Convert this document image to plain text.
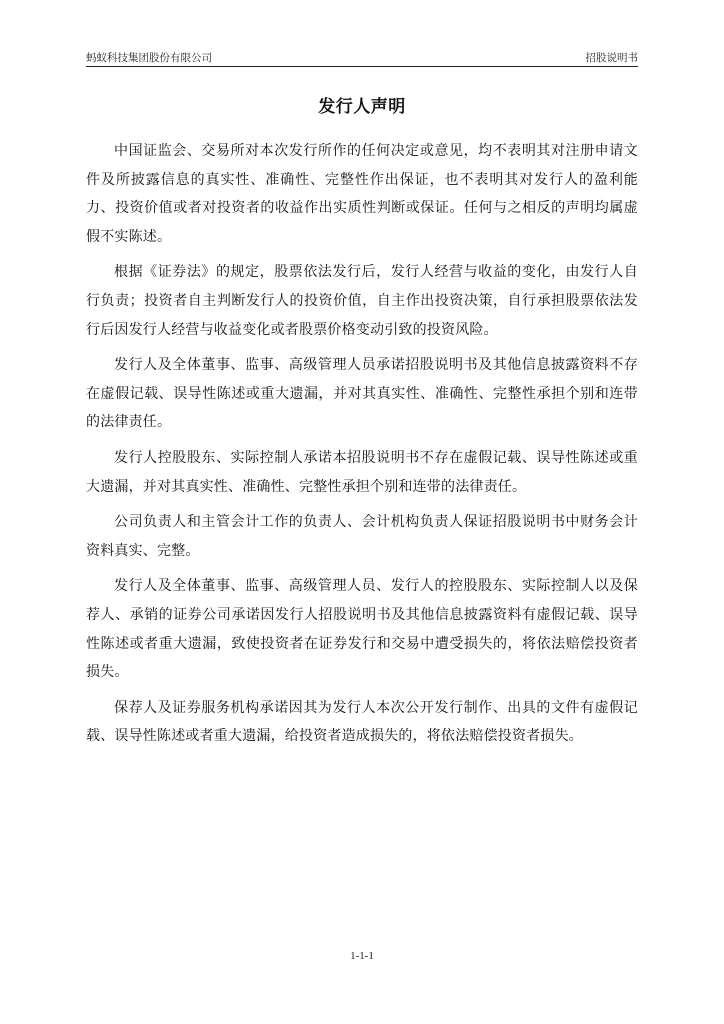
蚂蚁科技集团股份有限公司	招股说明书
发行人声明

中国证监会、交易所对本次发行所作的任何决定或意见，均不表明其对注册申请文件及所披露信息的真实性、准确性、完整性作出保证，也不表明其对发行人的盈利能力、投资价值或者对投资者的收益作出实质性判断或保证。任何与之相反的声明均属虚假不实陈述。

根据《证券法》的规定，股票依法发行后，发行人经营与收益的变化，由发行人自行负责；投资者自主判断发行人的投资价值，自主作出投资决策，自行承担股票依法发行后因发行人经营与收益变化或者股票价格变动引致的投资风险。

发行人及全体董事、监事、高级管理人员承诺招股说明书及其他信息披露资料不存在虚假记载、误导性陈述或重大遗漏，并对其真实性、准确性、完整性承担个别和连带的法律责任。

发行人控股股东、实际控制人承诺本招股说明书不存在虚假记载、误导性陈述或重大遗漏，并对其真实性、准确性、完整性承担个别和连带的法律责任。

公司负责人和主管会计工作的负责人、会计机构负责人保证招股说明书中财务会计资料真实、完整。

发行人及全体董事、监事、高级管理人员、发行人的控股股东、实际控制人以及保荐人、承销的证券公司承诺因发行人招股说明书及其他信息披露资料有虚假记载、误导性陈述或者重大遗漏，致使投资者在证券发行和交易中遭受损失的，将依法赔偿投资者损失。

保荐人及证券服务机构承诺因其为发行人本次公开发行制作、出具的文件有虚假记载、误导性陈述或者重大遗漏，给投资者造成损失的，将依法赔偿投资者损失。

1-1-1
